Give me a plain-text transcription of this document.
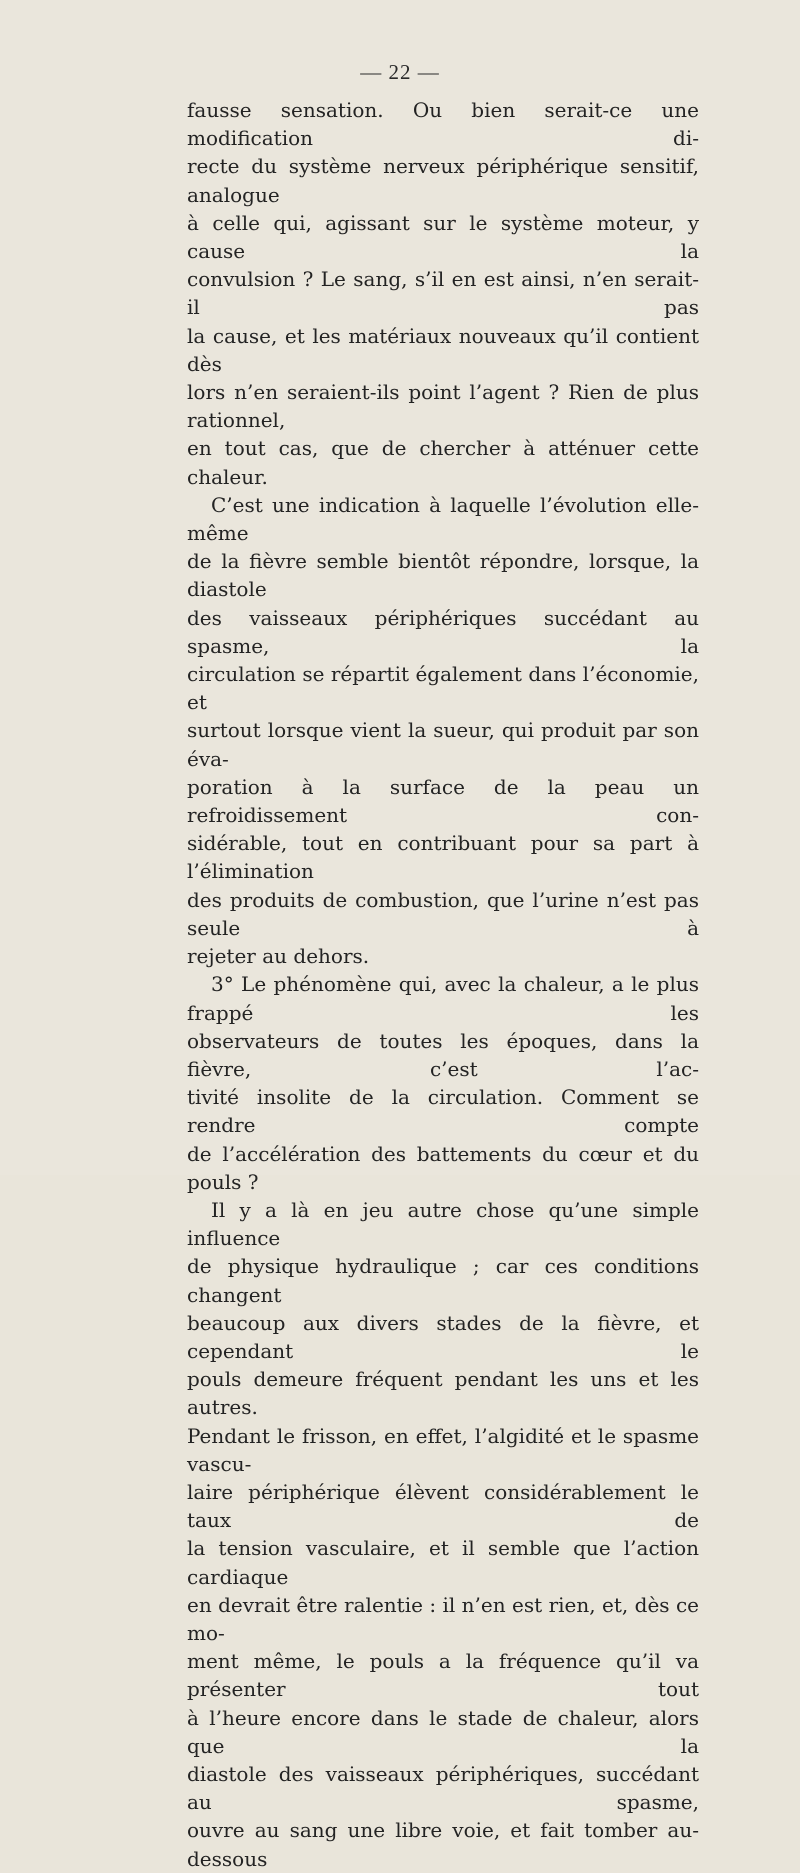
— 22 —

fausse sensation. Ou bien serait-ce une modification di-
recte du système nerveux périphérique sensitif, analogue
à celle qui, agissant sur le système moteur, y cause la
convulsion ? Le sang, s’il en est ainsi, n’en serait-il pas
la cause, et les matériaux nouveaux qu’il contient dès
lors n’en seraient-ils point l’agent ? Rien de plus rationnel,
en tout cas, que de chercher à atténuer cette chaleur.

C’est une indication à laquelle l’évolution elle-même
de la fièvre semble bientôt répondre, lorsque, la diastole
des vaisseaux périphériques succédant au spasme, la
circulation se répartit également dans l’économie, et
surtout lorsque vient la sueur, qui produit par son éva-
poration à la surface de la peau un refroidissement con-
sidérable, tout en contribuant pour sa part à l’élimination
des produits de combustion, que l’urine n’est pas seule à
rejeter au dehors.

3° Le phénomène qui, avec la chaleur, a le plus frappé les
observateurs de toutes les époques, dans la fièvre, c’est l’ac-
tivité insolite de la circulation. Comment se rendre compte
de l’accélération des battements du cœur et du pouls ?

Il y a là en jeu autre chose qu’une simple influence
de physique hydraulique ; car ces conditions changent
beaucoup aux divers stades de la fièvre, et cependant le
pouls demeure fréquent pendant les uns et les autres.
Pendant le frisson, en effet, l’algidité et le spasme vascu-
laire périphérique élèvent considérablement le taux de
la tension vasculaire, et il semble que l’action cardiaque
en devrait être ralentie : il n’en est rien, et, dès ce mo-
ment même, le pouls a la fréquence qu’il va présenter tout
à l’heure encore dans le stade de chaleur, alors que la
diastole des vaisseaux périphériques, succédant au spasme,
ouvre au sang une libre voie, et fait tomber au-dessous
